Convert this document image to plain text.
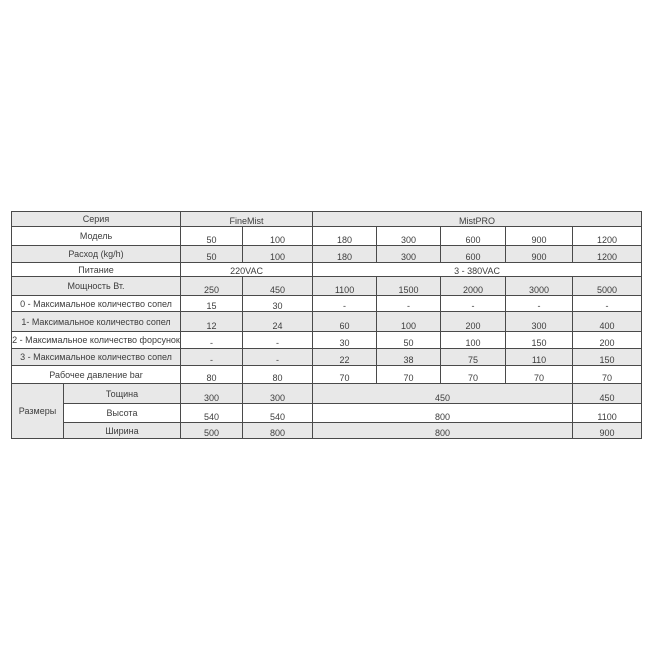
Серия		FineMist		MistPRO				
Модель		50	100	180	300	600	900	1200
Расход (kg/h)		50	100	180	300	600	900	1200
Питание		220VAC		3 - 380VAC				
Мощность Вт.		250	450	1100	1500	2000	3000	5000
0 - Максимальное количество сопел		15	30	-	-	-	-	-
1- Максимальное количество сопел		12	24	60	100	200	300	400
2 - Максимальное количество форсунок		-	-	30	50	100	150	200
3 - Максимальное количество сопел		-	-	22	38	75	110	150
Рабочее давление bar		80	80	70	70	70	70	70
Размеры	Тощина	300	300	450				450
	Высота	540	540	800				1100
	Ширина	500	800	800				900
